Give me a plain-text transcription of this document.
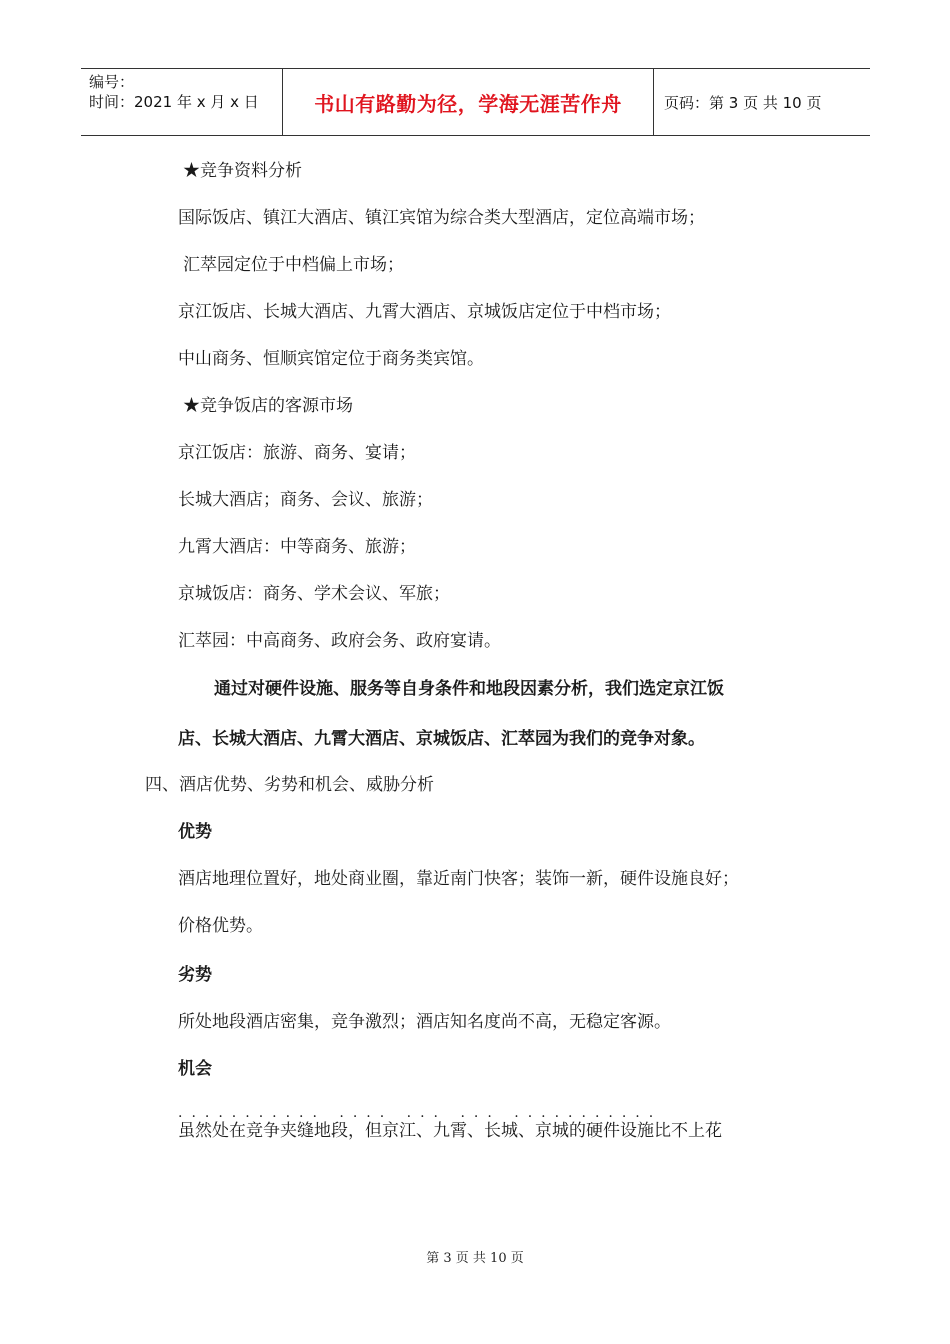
编号：
时间：2021 年 x 月 x 日	书山有路勤为径，学海无涯苦作舟	页码：第 3 页 共 10 页
★竞争资料分析
国际饭店、镇江大酒店、镇江宾馆为综合类大型酒店，定位高端市场；
汇萃园定位于中档偏上市场；
京江饭店、长城大酒店、九霄大酒店、京城饭店定位于中档市场；
中山商务、恒顺宾馆定位于商务类宾馆。
★竞争饭店的客源市场
京江饭店：旅游、商务、宴请；
长城大酒店；商务、会议、旅游；
九霄大酒店：中等商务、旅游；
京城饭店：商务、学术会议、军旅；
汇萃园：中高商务、政府会务、政府宴请。
通过对硬件设施、服务等自身条件和地段因素分析，我们选定京江饭
店、长城大酒店、九霄大酒店、京城饭店、汇萃园为我们的竞争对象。
四、酒店优势、劣势和机会、威胁分析
优势
酒店地理位置好，地处商业圈，靠近南门快客；装饰一新，硬件设施良好；
价格优势。
劣势
所处地段酒店密集，竞争激烈；酒店知名度尚不高，无稳定客源。
机会
........... .... ... ... ...........
虽然处在竞争夹缝地段，但京江、九霄、长城、京城的硬件设施比不上花
第 3 页 共 10 页
